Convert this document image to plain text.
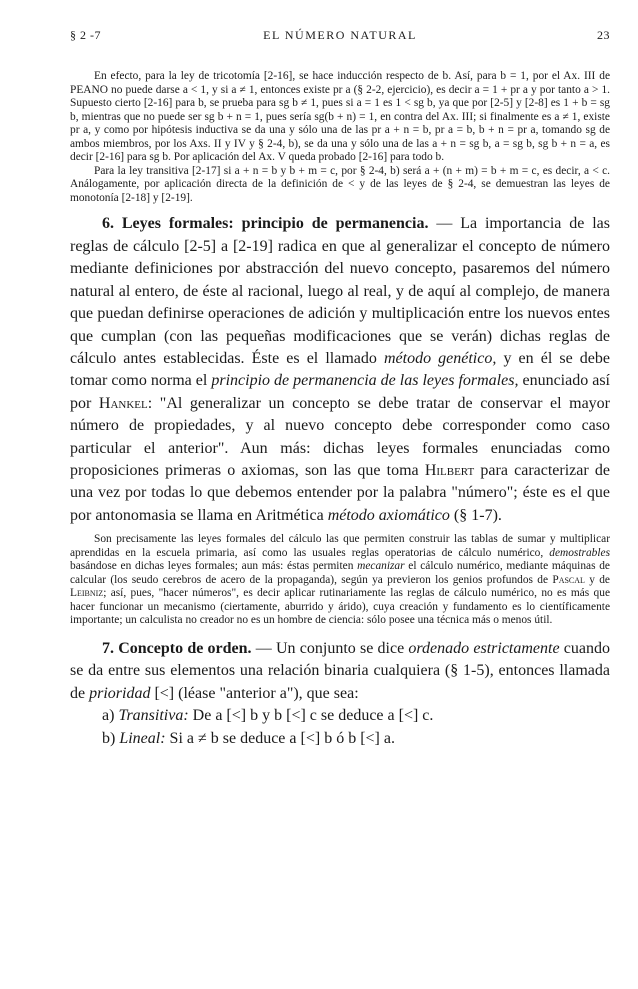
§ 2 -7	EL NÚMERO NATURAL	23

En efecto, para la ley de tricotomía [2-16], se hace inducción respecto de b. Así, para b = 1, por el Ax. III de PEANO no puede darse a < 1, y si a ≠ 1, entonces existe pr a (§ 2-2, ejercicio), es decir a = 1 + pr a y por tanto a > 1. Supuesto cierto [2-16] para b, se prueba para sg b ≠ 1, pues si a = 1 es 1 < sg b, ya que por [2-5] y [2-8] es 1 + b = sg b, mientras que no puede ser sg b + n = 1, pues sería sg(b + n) = 1, en contra del Ax. III; si finalmente es a ≠ 1, existe pr a, y como por hipótesis inductiva se da una y sólo una de las pr a + n = b, pr a = b, b + n = pr a, tomando sg de ambos miembros, por los Axs. II y IV y § 2-4, b), se da una y sólo una de las a + n = sg b, a = sg b, sg b + n = a, es decir [2-16] para sg b. Por aplicación del Ax. V queda probado [2-16] para todo b.

Para la ley transitiva [2-17] si a + n = b y b + m = c, por § 2-4, b) será a + (n + m) = b + m = c, es decir, a < c. Análogamente, por aplicación directa de la definición de < y de las leyes de § 2-4, se demuestran las leyes de monotonía [2-18] y [2-19].

6. Leyes formales: principio de permanencia. — La importancia de las reglas de cálculo [2-5] a [2-19] radica en que al generalizar el concepto de número mediante definiciones por abstracción del nuevo concepto, pasaremos del número natural al entero, de éste al racional, luego al real, y de aquí al complejo, de manera que puedan definirse operaciones de adición y multiplicación entre los nuevos entes que cumplan (con las pequeñas modificaciones que se verán) dichas reglas de cálculo antes establecidas. Éste es el llamado método genético, y en él se debe tomar como norma el principio de permanencia de las leyes formales, enunciado así por Hankel: "Al generalizar un concepto se debe tratar de conservar el mayor número de propiedades, y al nuevo concepto debe corresponder como caso particular el anterior". Aun más: dichas leyes formales enunciadas como proposiciones primeras o axiomas, son las que toma Hilbert para caracterizar de una vez por todas lo que debemos entender por la palabra "número"; éste es el que por antonomasia se llama en Aritmética método axiomático (§ 1-7).

Son precisamente las leyes formales del cálculo las que permiten construir las tablas de sumar y multiplicar aprendidas en la escuela primaria, así como las usuales reglas operatorias de cálculo numérico, demostrables basándose en dichas leyes formales; aun más: éstas permiten mecanizar el cálculo numérico, mediante máquinas de calcular (los seudo cerebros de acero de la propaganda), según ya previeron los genios profundos de Pascal y de Leibniz; así, pues, "hacer números", es decir aplicar rutinariamente las reglas de cálculo numérico, no es más que hacer funcionar un mecanismo (ciertamente, aburrido y árido), cuya creación y fundamento es lo científicamente importante; un calculista no creador no es un hombre de ciencia: sólo posee una técnica más o menos útil.

7. Concepto de orden. — Un conjunto se dice ordenado estrictamente cuando se da entre sus elementos una relación binaria cualquiera (§ 1-5), entonces llamada de prioridad [<] (léase "anterior a"), que sea:

a) Transitiva: De a [<] b y b [<] c se deduce a [<] c.

b) Lineal: Si a ≠ b se deduce a [<] b ó b [<] a.
